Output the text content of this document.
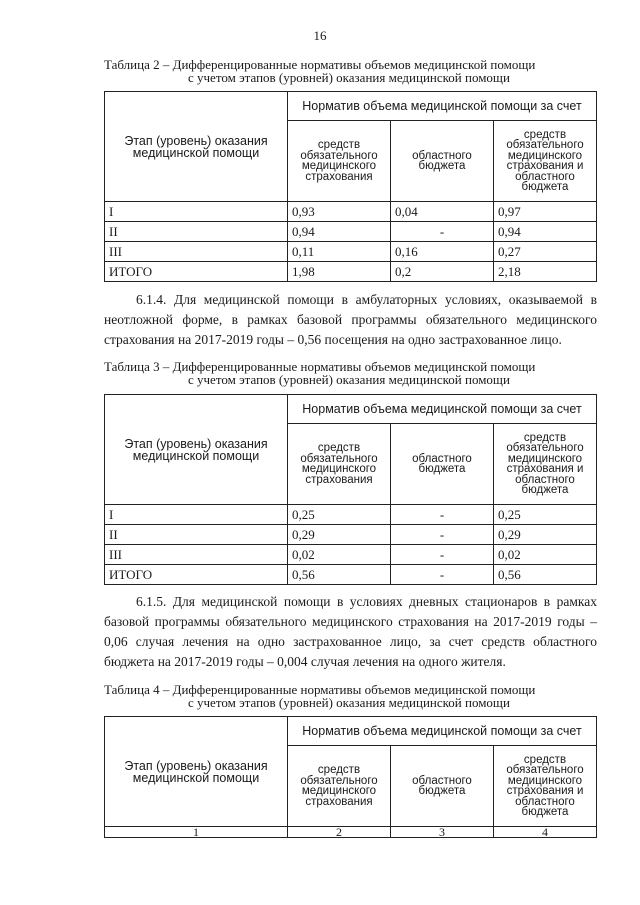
16
Таблица 2 – Дифференцированные нормативы объемов медицинской помощи
с учетом этапов (уровней) оказания медицинской помощи
Этап (уровень) оказания медицинской помощи	Норматив объема медицинской помощи за счет		
	средств обязательного медицинского страхования	областного бюджета	средств обязательного медицинского страхования и областного бюджета
I	0,93	0,04	0,97
II	0,94	-	0,94
III	0,11	0,16	0,27
ИТОГО	1,98	0,2	2,18
6.1.4. Для медицинской помощи в амбулаторных условиях, оказываемой в неотложной форме, в рамках базовой программы обязательного медицинского страхования на 2017-2019 годы – 0,56 посещения на одно застрахованное лицо.
Таблица 3 – Дифференцированные нормативы объемов медицинской помощи
с учетом этапов (уровней) оказания медицинской помощи
Этап (уровень) оказания медицинской помощи	Норматив объема медицинской помощи за счет		
	средств обязательного медицинского страхования	областного бюджета	средств обязательного медицинского страхования и областного бюджета
I	0,25	-	0,25
II	0,29	-	0,29
III	0,02	-	0,02
ИТОГО	0,56	-	0,56
6.1.5. Для медицинской помощи в условиях дневных стационаров в рамках базовой программы обязательного медицинского страхования на 2017-2019 годы – 0,06 случая лечения на одно застрахованное лицо, за счет средств областного бюджета на 2017-2019 годы – 0,004 случая лечения на одного жителя.
Таблица 4 – Дифференцированные нормативы объемов медицинской помощи
с учетом этапов (уровней) оказания медицинской помощи
Этап (уровень) оказания медицинской помощи	Норматив объема медицинской помощи за счет		
	средств обязательного медицинского страхования	областного бюджета	средств обязательного медицинского страхования и областного бюджета
1	2	3	4
